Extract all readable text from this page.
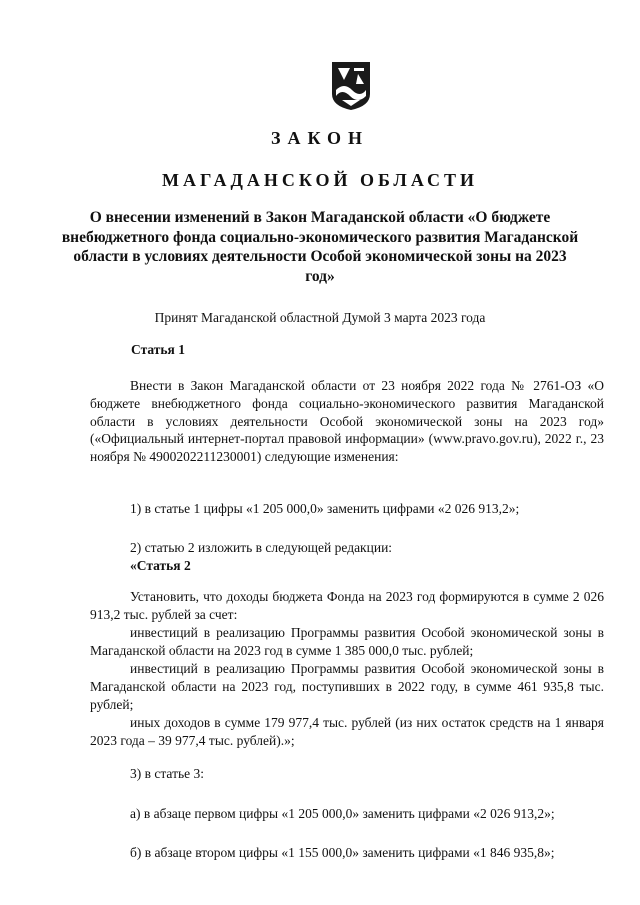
ЗАКОН
МАГАДАНСКОЙ ОБЛАСТИ
О внесении изменений в Закон Магаданской области «О бюджете внебюджетного фонда социально-экономического развития Магаданской области в условиях деятельности Особой экономической зоны на 2023 год»
Принят Магаданской областной Думой 3 марта 2023 года
Статья 1
Внести в Закон Магаданской области от 23 ноября 2022 года № 2761-ОЗ «О бюджете внебюджетного фонда социально-экономического развития Магаданской области в условиях деятельности Особой экономической зоны на 2023 год» («Официальный интернет-портал правовой информации» (www.pravo.gov.ru), 2022 г., 23 ноября № 4900202211230001) следующие изменения:
1) в статье 1 цифры «1 205 000,0» заменить цифрами «2 026 913,2»;
2) статью 2 изложить в следующей редакции:
«Статья 2
Установить, что доходы бюджета Фонда на 2023 год формируются в сумме 2 026 913,2 тыс. рублей за счет:
инвестиций в реализацию Программы развития Особой экономической зоны в Магаданской области на 2023 год в сумме 1 385 000,0 тыс. рублей;
инвестиций в реализацию Программы развития Особой экономической зоны в Магаданской области на 2023 год, поступивших в 2022 году, в сумме 461 935,8 тыс. рублей;
иных доходов в сумме 179 977,4 тыс. рублей (из них остаток средств на 1 января 2023 года – 39 977,4 тыс. рублей).»;
3) в статье 3:
а) в абзаце первом цифры «1 205 000,0» заменить цифрами «2 026 913,2»;
б) в абзаце втором цифры «1 155 000,0» заменить цифрами «1 846 935,8»;
